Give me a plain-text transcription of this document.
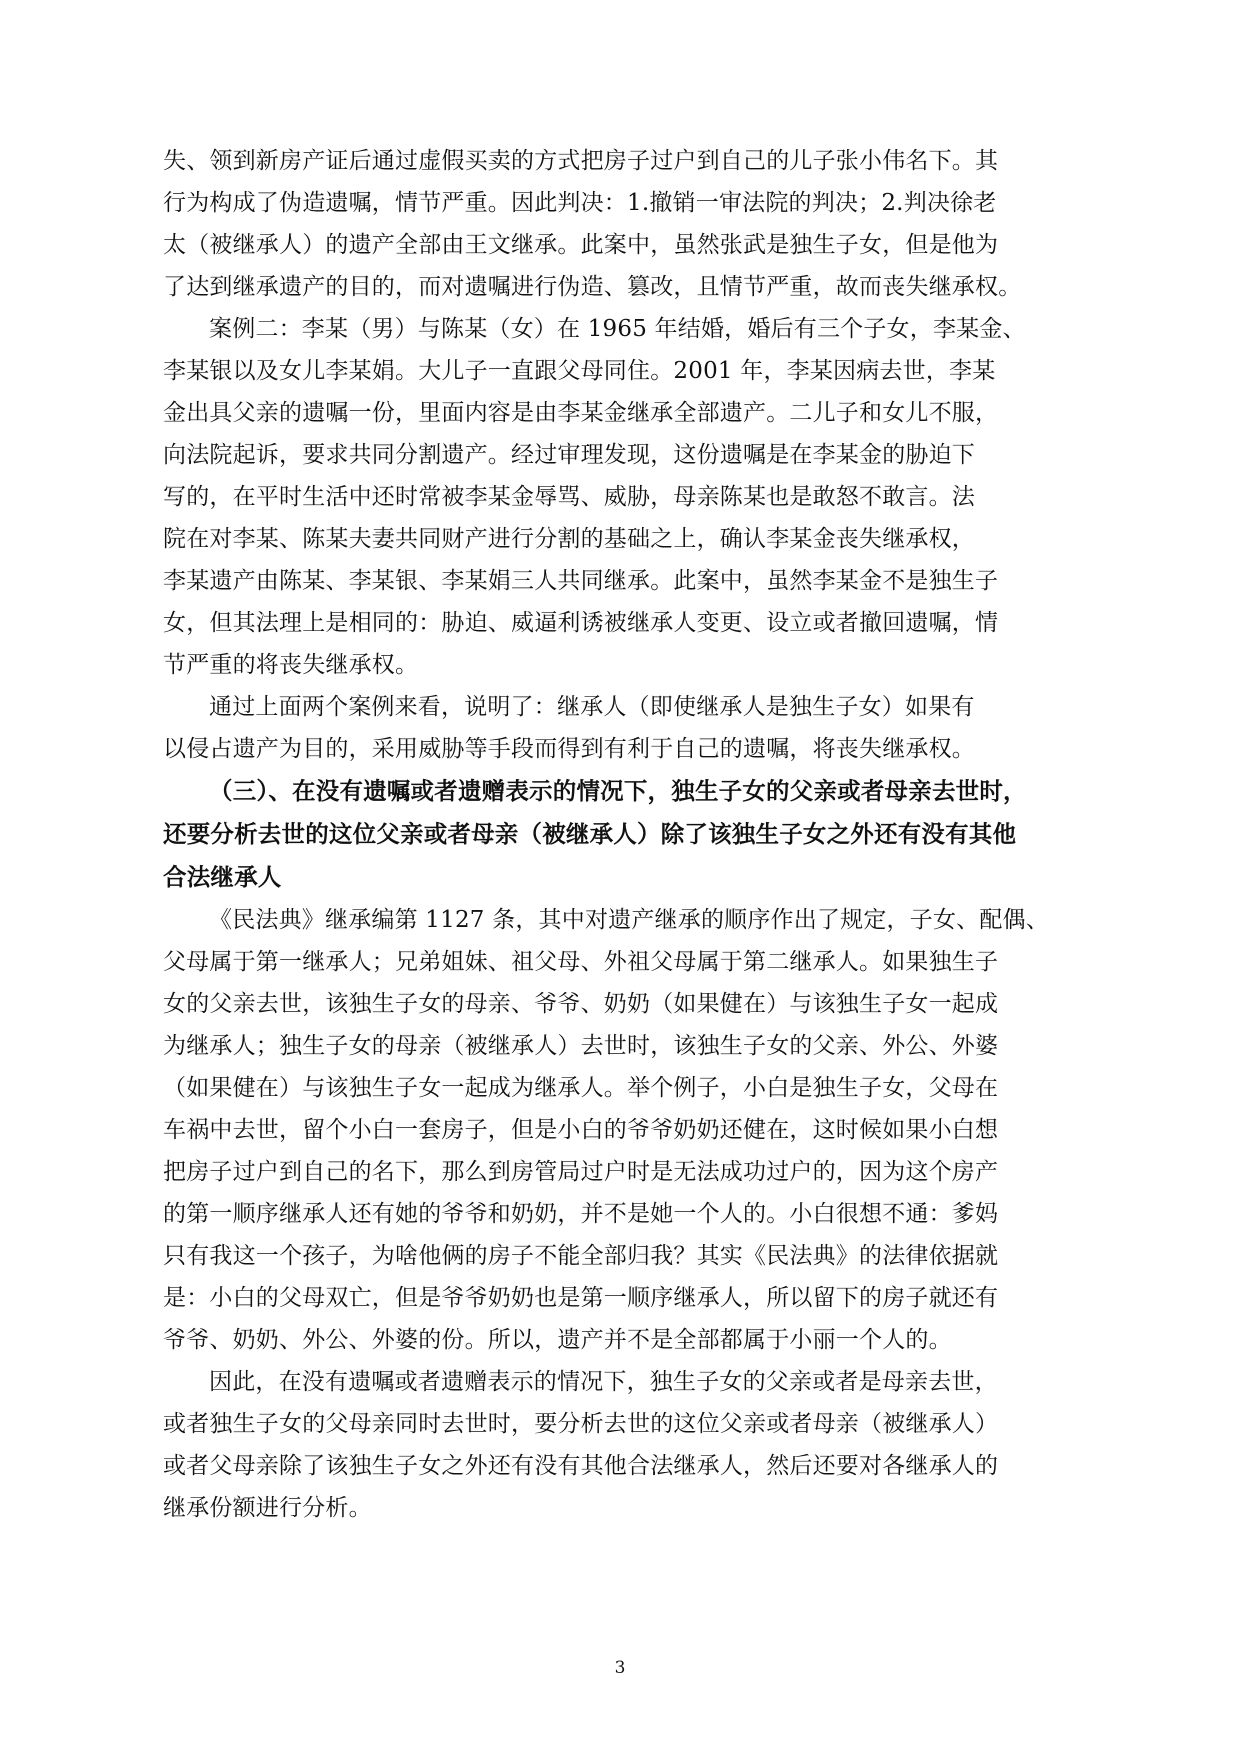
失、领到新房产证后通过虚假买卖的方式把房子过户到自己的儿子张小伟名下。其
行为构成了伪造遗嘱，情节严重。因此判决：1.撤销一审法院的判决；2.判决徐老
太（被继承人）的遗产全部由王文继承。此案中，虽然张武是独生子女，但是他为
了达到继承遗产的目的，而对遗嘱进行伪造、篡改，且情节严重，故而丧失继承权。
案例二：李某（男）与陈某（女）在 1965 年结婚，婚后有三个子女，李某金、
李某银以及女儿李某娟。大儿子一直跟父母同住。2001 年，李某因病去世，李某
金出具父亲的遗嘱一份，里面内容是由李某金继承全部遗产。二儿子和女儿不服，
向法院起诉，要求共同分割遗产。经过审理发现，这份遗嘱是在李某金的胁迫下
写的，在平时生活中还时常被李某金辱骂、威胁，母亲陈某也是敢怒不敢言。法
院在对李某、陈某夫妻共同财产进行分割的基础之上，确认李某金丧失继承权，
李某遗产由陈某、李某银、李某娟三人共同继承。此案中，虽然李某金不是独生子
女，但其法理上是相同的：胁迫、威逼利诱被继承人变更、设立或者撤回遗嘱，情
节严重的将丧失继承权。
通过上面两个案例来看，说明了：继承人（即使继承人是独生子女）如果有
以侵占遗产为目的，采用威胁等手段而得到有利于自己的遗嘱，将丧失继承权。
（三）、在没有遗嘱或者遗赠表示的情况下，独生子女的父亲或者母亲去世时，
还要分析去世的这位父亲或者母亲（被继承人）除了该独生子女之外还有没有其他
合法继承人
《民法典》继承编第 1127 条，其中对遗产继承的顺序作出了规定，子女、配偶、
父母属于第一继承人；兄弟姐妹、祖父母、外祖父母属于第二继承人。如果独生子
女的父亲去世，该独生子女的母亲、爷爷、奶奶（如果健在）与该独生子女一起成
为继承人；独生子女的母亲（被继承人）去世时，该独生子女的父亲、外公、外婆
（如果健在）与该独生子女一起成为继承人。举个例子，小白是独生子女，父母在
车祸中去世，留个小白一套房子，但是小白的爷爷奶奶还健在，这时候如果小白想
把房子过户到自己的名下，那么到房管局过户时是无法成功过户的，因为这个房产
的第一顺序继承人还有她的爷爷和奶奶，并不是她一个人的。小白很想不通：爹妈
只有我这一个孩子，为啥他俩的房子不能全部归我？其实《民法典》的法律依据就
是：小白的父母双亡，但是爷爷奶奶也是第一顺序继承人，所以留下的房子就还有
爷爷、奶奶、外公、外婆的份。所以，遗产并不是全部都属于小丽一个人的。
因此，在没有遗嘱或者遗赠表示的情况下，独生子女的父亲或者是母亲去世，
或者独生子女的父母亲同时去世时，要分析去世的这位父亲或者母亲（被继承人）
或者父母亲除了该独生子女之外还有没有其他合法继承人，然后还要对各继承人的
继承份额进行分析。
3
